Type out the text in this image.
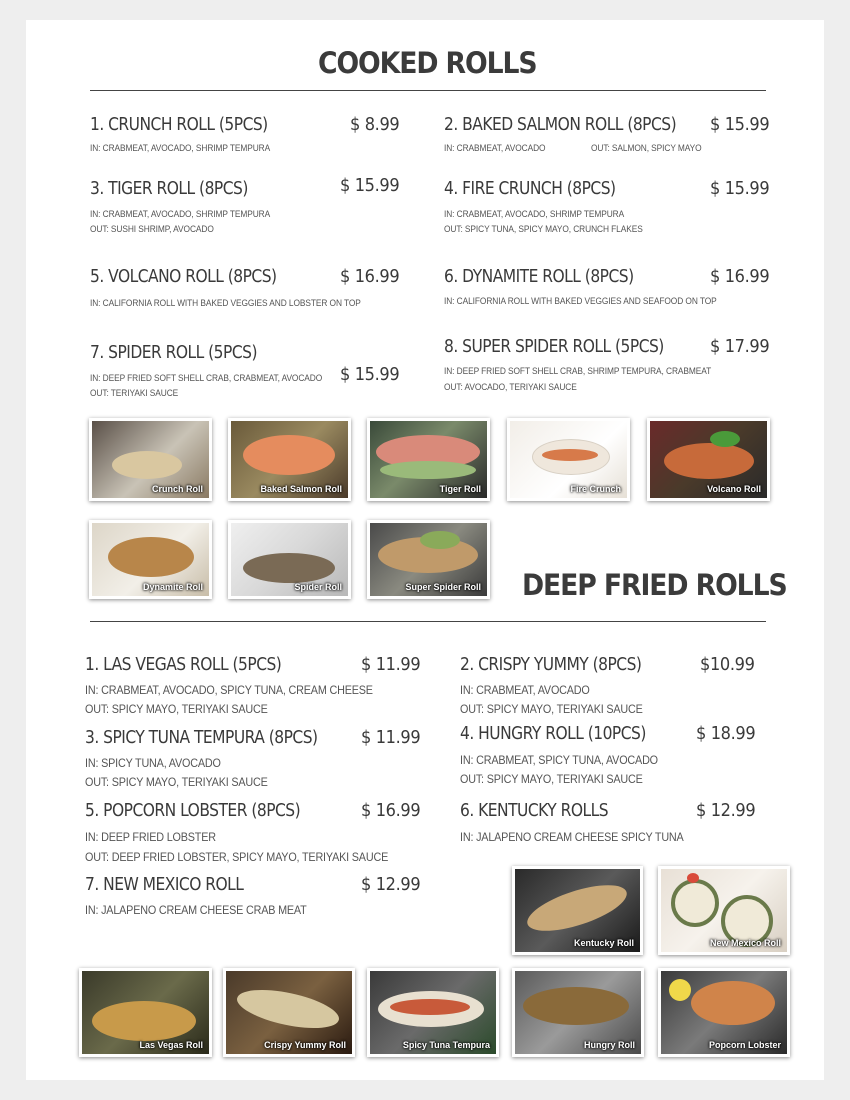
COOKED ROLLS
1. CRUNCH ROLL (5PCS)	$ 8.99
IN: CRABMEAT, AVOCADO, SHRIMP TEMPURA
2. BAKED SALMON ROLL (8PCS) $ 15.99
IN: CRABMEAT, AVOCADO	OUT: SALMON, SPICY MAYO
3. TIGER ROLL (8PCS)	$ 15.99
IN: CRABMEAT, AVOCADO, SHRIMP TEMPURA
OUT: SUSHI SHRIMP, AVOCADO
4. FIRE CRUNCH (8PCS)	$ 15.99
IN: CRABMEAT, AVOCADO, SHRIMP TEMPURA
OUT: SPICY TUNA, SPICY MAYO, CRUNCH FLAKES
5. VOLCANO ROLL (8PCS)	$ 16.99
IN: CALIFORNIA ROLL WITH BAKED VEGGIES AND LOBSTER ON TOP
6. DYNAMITE ROLL (8PCS)	$ 16.99
IN: CALIFORNIA ROLL WITH BAKED VEGGIES AND SEAFOOD ON TOP
7. SPIDER ROLL (5PCS)
$ 15.99
IN: DEEP FRIED SOFT SHELL CRAB, CRABMEAT, AVOCADO
OUT: TERIYAKI SAUCE
8. SUPER SPIDER ROLL (5PCS)	$ 17.99
IN: DEEP FRIED SOFT SHELL CRAB, SHRIMP TEMPURA, CRABMEAT
OUT: AVOCADO, TERIYAKI SAUCE
Crunch Roll	Baked Salmon Roll	Tiger Roll	Fire Crunch	Volcano Roll
Dynamite Roll	Spider Roll	Super Spider Roll DEEP FRIED ROLLS
1. LAS VEGAS ROLL (5PCS)	$ 11.99
IN: CRABMEAT, AVOCADO, SPICY TUNA, CREAM CHEESE
OUT: SPICY MAYO, TERIYAKI SAUCE
2. CRISPY YUMMY (8PCS)	$10.99
IN: CRABMEAT, AVOCADO
OUT: SPICY MAYO, TERIYAKI SAUCE
3. SPICY TUNA TEMPURA (8PCS) $ 11.99
IN: SPICY TUNA, AVOCADO
OUT: SPICY MAYO, TERIYAKI SAUCE
4. HUNGRY ROLL (10PCS)	$ 18.99
IN: CRABMEAT, SPICY TUNA, AVOCADO
OUT: SPICY MAYO, TERIYAKI SAUCE
5. POPCORN LOBSTER (8PCS)	$ 16.99
IN: DEEP FRIED LOBSTER
OUT: DEEP FRIED LOBSTER, SPICY MAYO, TERIYAKI SAUCE
6. KENTUCKY ROLLS	$ 12.99
IN: JALAPENO CREAM CHEESE SPICY TUNA
7. NEW MEXICO ROLL	$ 12.99
IN: JALAPENO CREAM CHEESE CRAB MEAT
Kentucky Roll	New Mexico Roll
Las Vegas Roll	Crispy Yummy Roll	Spicy Tuna Tempura	Hungry Roll	Popcorn Lobster
